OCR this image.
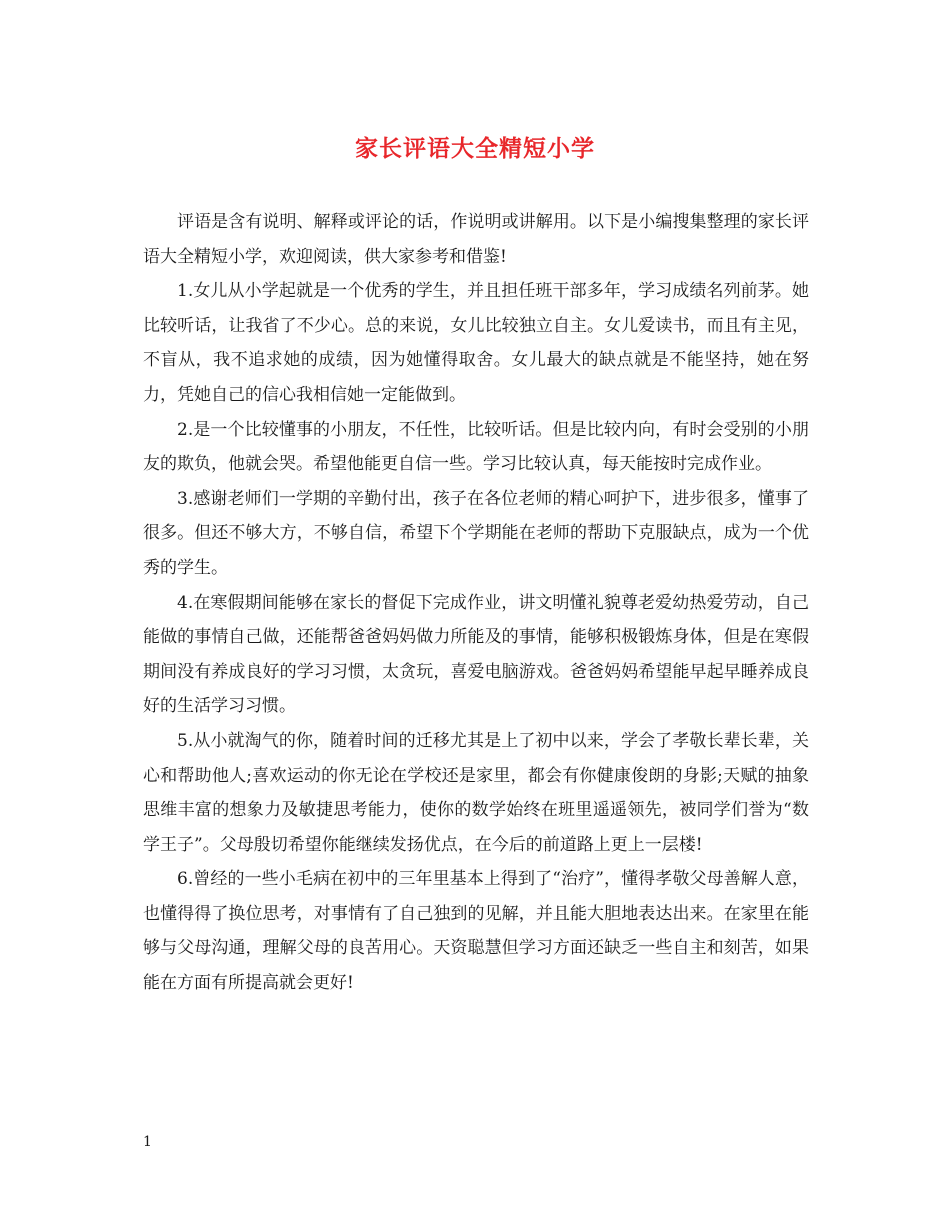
家长评语大全精短小学

评语是含有说明、解释或评论的话，作说明或讲解用。以下是小编搜集整理的家长评语大全精短小学，欢迎阅读，供大家参考和借鉴!

1.女儿从小学起就是一个优秀的学生，并且担任班干部多年，学习成绩名列前茅。她比较听话，让我省了不少心。总的来说，女儿比较独立自主。女儿爱读书，而且有主见，不盲从，我不追求她的成绩，因为她懂得取舍。女儿最大的缺点就是不能坚持，她在努力，凭她自己的信心我相信她一定能做到。

2.是一个比较懂事的小朋友，不任性，比较听话。但是比较内向，有时会受别的小朋友的欺负，他就会哭。希望他能更自信一些。学习比较认真，每天能按时完成作业。

3.感谢老师们一学期的辛勤付出，孩子在各位老师的精心呵护下，进步很多，懂事了很多。但还不够大方，不够自信，希望下个学期能在老师的帮助下克服缺点，成为一个优秀的学生。

4.在寒假期间能够在家长的督促下完成作业，讲文明懂礼貌尊老爱幼热爱劳动，自己能做的事情自己做，还能帮爸爸妈妈做力所能及的事情，能够积极锻炼身体，但是在寒假期间没有养成良好的学习习惯，太贪玩，喜爱电脑游戏。爸爸妈妈希望能早起早睡养成良好的生活学习习惯。

5.从小就淘气的你，随着时间的迁移尤其是上了初中以来，学会了孝敬长辈长辈，关心和帮助他人;喜欢运动的你无论在学校还是家里，都会有你健康俊朗的身影;天赋的抽象思维丰富的想象力及敏捷思考能力，使你的数学始终在班里遥遥领先，被同学们誉为“数学王子”。父母殷切希望你能继续发扬优点，在今后的前道路上更上一层楼!

6.曾经的一些小毛病在初中的三年里基本上得到了“治疗”，懂得孝敬父母善解人意，也懂得得了换位思考，对事情有了自己独到的见解，并且能大胆地表达出来。在家里在能够与父母沟通，理解父母的良苦用心。天资聪慧但学习方面还缺乏一些自主和刻苦，如果能在方面有所提高就会更好!

1
